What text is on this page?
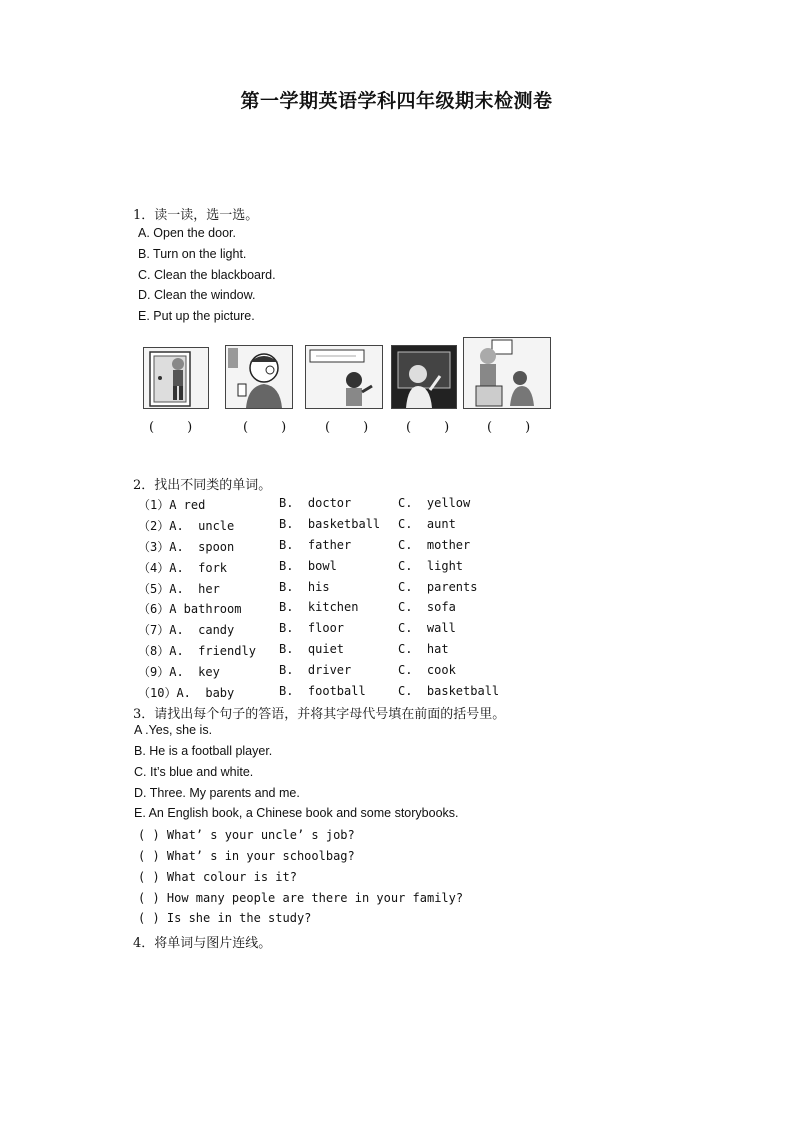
第一学期英语学科四年级期末检测卷
1．读一读，选一选。
A. Open the door.
B. Turn on the light.
C. Clean the blackboard.
D. Clean the window.
E. Put up the picture.
(        )	(        )	(        )	(        )	(        )
2．找出不同类的单词。
（1）A red	B.  doctor	C.  yellow
（2）A.  uncle	B.  basketball C.  aunt
（3）A.  spoon	B.  father	C.  mother
（4）A.  fork	B.  bowl	C.  light
（5）A.  her	B.  his	C.  parents
（6）A bathroom	B.  kitchen	C.  sofa
（7）A.  candy	B.  floor	C.  wall
（8）A.  friendly B.  quiet	C.  hat
（9）A.  key	B.  driver	C.  cook
（10）A.  baby	B.  football	C.  basketball
3．请找出每个句子的答语，并将其字母代号填在前面的括号里。
A .Yes, she is.
B. He is a football player.
C. It’s blue and white.
D. Three. My parents and me.
E. An English book, a Chinese book and some storybooks.
( ) What’ s your uncle’ s job?
( ) What’ s in your schoolbag?
( ) What colour is it?
( ) How many people are there in your family?
( ) Is she in the study?
4．将单词与图片连线。
